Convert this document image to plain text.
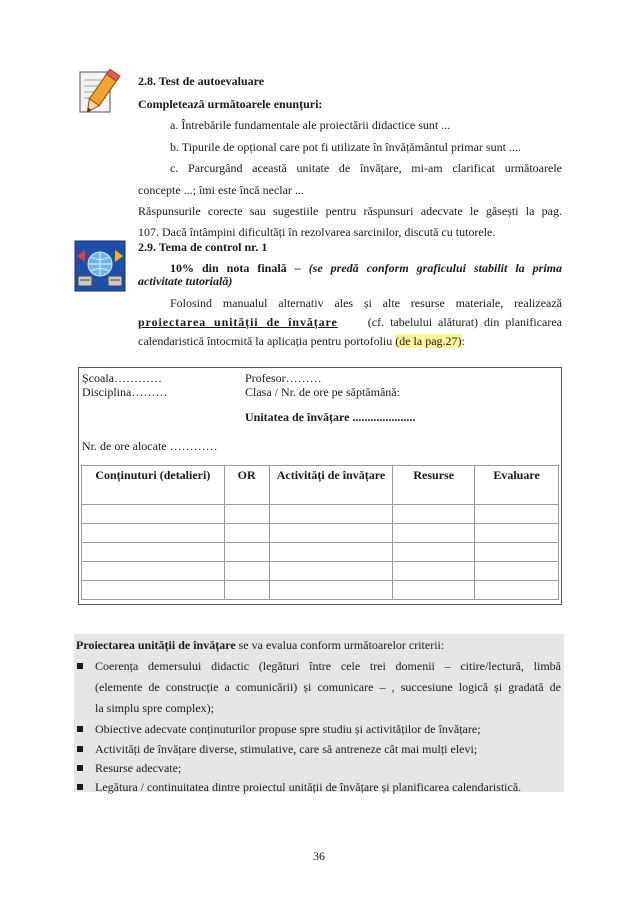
2.8. Test de autoevaluare
Completează următoarele enunțuri:
a. Întrebările fundamentale ale proiectării didactice sunt ...
b. Tipurile de opțional care pot fi utilizate în învățământul primar sunt ....
c. Parcurgând această unitate de învățare, mi-am clarificat următoarele
concepte ...; îmi este încă neclar ...
Răspunsurile corecte sau sugestiile pentru răspunsuri adecvate le găsești la pag.
107. Dacă întâmpini dificultăți în rezolvarea sarcinilor, discută cu tutorele.
2.9. Tema de control nr. 1
10% din nota finală – (se predă conform graficului stabilit la prima
activitate tutorială)
Folosind manualul alternativ ales și alte resurse materiale, realizează
proiectarea unității de învățare (cf. tabelului alăturat) din planificarea
calendaristică întocmită la aplicația pentru portofoliu (de la pag.27):
Școala…………	Profesor………
Disciplina………	Clasa / Nr. de ore pe săptămână:
Unitatea de învățare .....................
Nr. de ore alocate …………
Conținuturi (detalieri)	OR	Activități de învățare	Resurse	Evaluare

Proiectarea unității de învățare se va evalua conform următoarelor criterii:
Coerența demersului didactic (legături între cele trei domenii – citire/lectură, limbă
(elemente de construcție a comunicării) și comunicare – , succesiune logică și gradată de
la simplu spre complex);
Obiective adecvate conținuturilor propuse spre studiu și activităților de învățare;
Activități de învățare diverse, stimulative, care să antreneze cât mai mulți elevi;
Resurse adecvate;
Legătura / continuitatea dintre proiectul unității de învățare și planificarea calendaristică.
36
